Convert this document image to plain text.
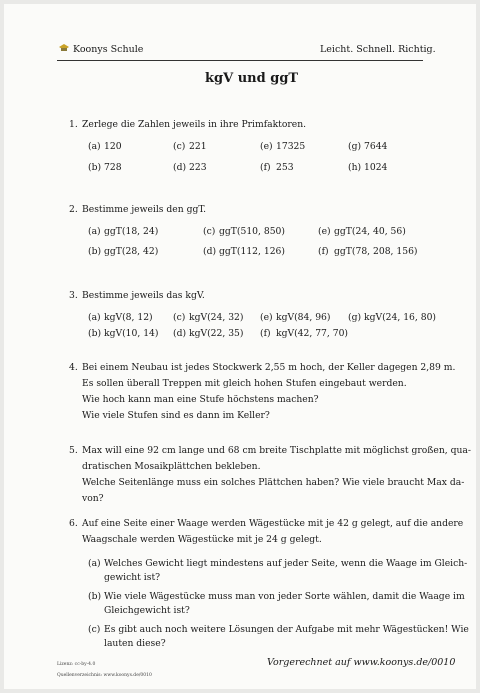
Koonys Schule	Leicht. Schnell. Richtig.
kgV und ggT
1. Zerlege die Zahlen jeweils in ihre Primfaktoren.
(a) 120	(c) 221	(e) 17325	(g) 7644
(b) 728	(d) 223	(f) 253	(h) 1024
2. Bestimme jeweils den ggT.
(a) ggT(18, 24)	(c) ggT(510, 850)	(e) ggT(24, 40, 56)
(b) ggT(28, 42)	(d) ggT(112, 126)	(f) ggT(78, 208, 156)
3. Bestimme jeweils das kgV.
(a) kgV(8, 12) (c) kgV(24, 32) (e) kgV(84, 96) (g) kgV(24, 16, 80)
(b) kgV(10, 14) (d) kgV(22, 35) (f) kgV(42, 77, 70)
4. Bei einem Neubau ist jedes Stockwerk 2,55 m hoch, der Keller dagegen 2,89 m.
Es sollen überall Treppen mit gleich hohen Stufen eingebaut werden.
Wie hoch kann man eine Stufe höchstens machen?
Wie viele Stufen sind es dann im Keller?
5. Max will eine 92 cm lange und 68 cm breite Tischplatte mit möglichst großen, qua-
dratischen Mosaikplättchen bekleben.
Welche Seitenlänge muss ein solches Plättchen haben? Wie viele braucht Max da-
von?
6. Auf eine Seite einer Waage werden Wägestücke mit je 42 g gelegt, auf die andere
Waagschale werden Wägestücke mit je 24 g gelegt.
(a) Welches Gewicht liegt mindestens auf jeder Seite, wenn die Waage im Gleich-
gewicht ist?
(b) Wie viele Wägestücke muss man von jeder Sorte wählen, damit die Waage im
Gleichgewicht ist?
(c) Es gibt auch noch weitere Lösungen der Aufgabe mit mehr Wägestücken! Wie
lauten diese?
Lizenz: cc-by-4.0
Quellenverzeichnis: www.koonys.de/0010
Vorgerechnet auf www.koonys.de/0010
